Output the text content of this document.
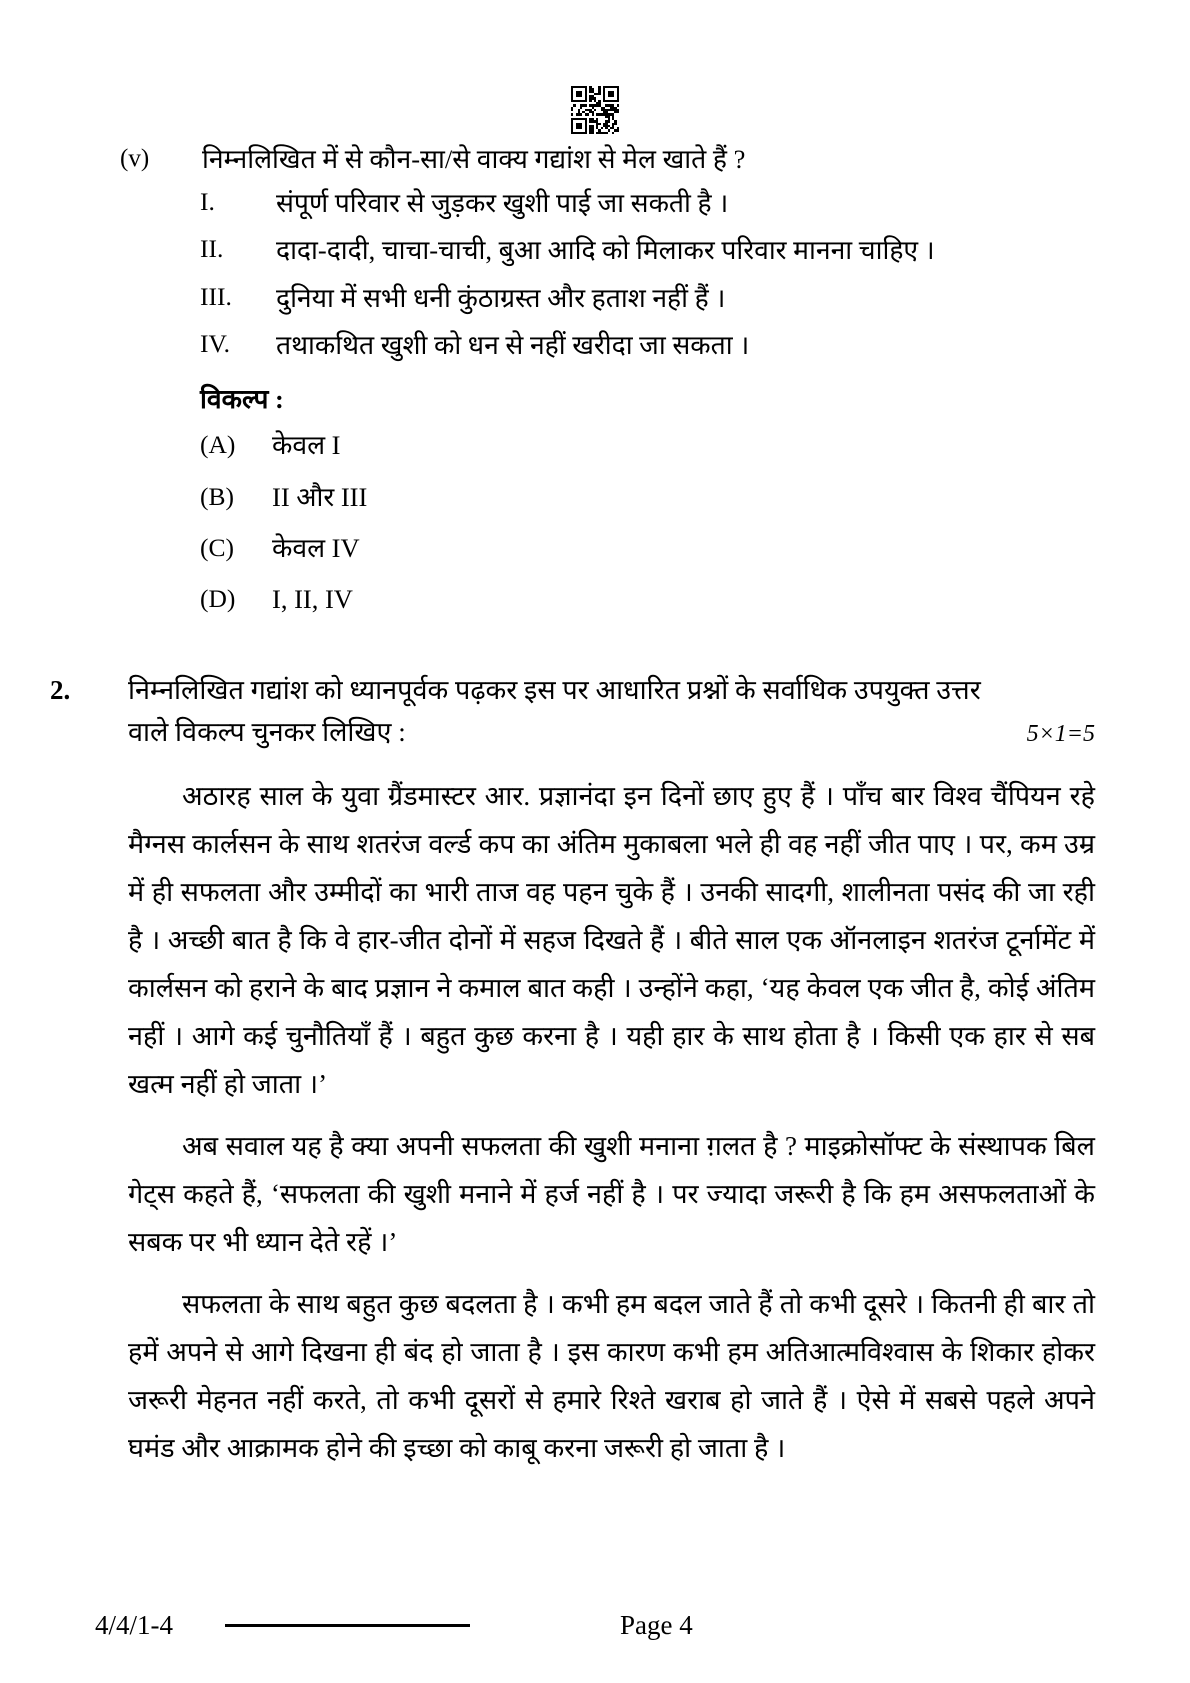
(v)	निम्नलिखित में से कौन-सा/से वाक्य गद्यांश से मेल खाते हैं ?
I.	संपूर्ण परिवार से जुड़कर खुशी पाई जा सकती है ।
II.	दादा-दादी, चाचा-चाची, बुआ आदि को मिलाकर परिवार मानना चाहिए ।
III.	दुनिया में सभी धनी कुंठाग्रस्त और हताश नहीं हैं ।
IV.	तथाकथित खुशी को धन से नहीं खरीदा जा सकता ।
विकल्प :
(A)	केवल I
(B)	II और III
(C)	केवल IV
(D)	I, II, IV
2.	निम्नलिखित गद्यांश को ध्यानपूर्वक पढ़कर इस पर आधारित प्रश्नों के सर्वाधिक उपयुक्त उत्तर
वाले विकल्प चुनकर लिखिए :	5×1=5

अठारह साल के युवा ग्रैंडमास्टर आर. प्रज्ञानंदा इन दिनों छाए हुए हैं । पाँच बार विश्व चैंपियन रहे मैग्नस कार्लसन के साथ शतरंज वर्ल्ड कप का अंतिम मुकाबला भले ही वह नहीं जीत पाए । पर, कम उम्र में ही सफलता और उम्मीदों का भारी ताज वह पहन चुके हैं । उनकी सादगी, शालीनता पसंद की जा रही है । अच्छी बात है कि वे हार-जीत दोनों में सहज दिखते हैं । बीते साल एक ऑनलाइन शतरंज टूर्नामेंट में कार्लसन को हराने के बाद प्रज्ञान ने कमाल बात कही । उन्होंने कहा, ‘यह केवल एक जीत है, कोई अंतिम नहीं । आगे कई चुनौतियाँ हैं । बहुत कुछ करना है । यही हार के साथ होता है । किसी एक हार से सब खत्म नहीं हो जाता ।’

अब सवाल यह है क्या अपनी सफलता की खुशी मनाना ग़लत है ? माइक्रोसॉफ्ट के संस्थापक बिल गेट्स कहते हैं, ‘सफलता की खुशी मनाने में हर्ज नहीं है । पर ज्यादा जरूरी है कि हम असफलताओं के सबक पर भी ध्यान देते रहें ।’

सफलता के साथ बहुत कुछ बदलता है । कभी हम बदल जाते हैं तो कभी दूसरे । कितनी ही बार तो हमें अपने से आगे दिखना ही बंद हो जाता है । इस कारण कभी हम अतिआत्मविश्वास के शिकार होकर जरूरी मेहनत नहीं करते, तो कभी दूसरों से हमारे रिश्ते खराब हो जाते हैं । ऐसे में सबसे पहले अपने घमंड और आक्रामक होने की इच्छा को काबू करना जरूरी हो जाता है ।

4/4/1-4	Page 4
